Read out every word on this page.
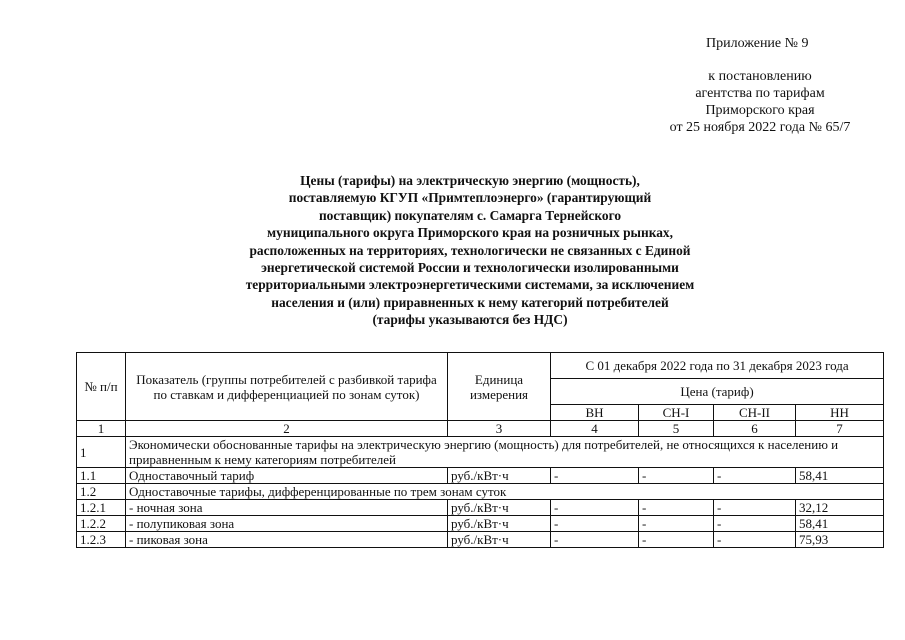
Приложение № 9
к постановлению
агентства по тарифам
Приморского края
от 25 ноября 2022 года № 65/7
Цены (тарифы) на электрическую энергию (мощность),
поставляемую КГУП «Примтеплоэнерго» (гарантирующий
поставщик) покупателям с. Самарга Тернейского
муниципального округа Приморского края на розничных рынках,
расположенных на территориях, технологически не связанных с Единой
энергетической системой России и технологически изолированными
территориальными электроэнергетическими системами, за исключением
населения и (или) приравненных к нему категорий потребителей
(тарифы указываются без НДС)
№ п/п	Показатель (группы потребителей с разбивкой тарифа по ставкам и дифференциацией по зонам суток)	Единица измерения	С 01 декабря 2022 года по 31 декабря 2023 года			
			Цена (тариф)			
			ВН	СН-I	СН-II	НН
1	2	3	4	5	6	7
1	Экономически обоснованные тарифы на электрическую энергию (мощность) для потребителей, не относящихся к населению и приравненным к нему категориям потребителей					
1.1	Одноставочный тариф	руб./кВт·ч	-	-	-	58,41
1.2	Одноставочные тарифы, дифференцированные по трем зонам суток					
1.2.1	- ночная зона	руб./кВт·ч	-	-	-	32,12
1.2.2	- полупиковая зона	руб./кВт·ч	-	-	-	58,41
1.2.3	- пиковая зона	руб./кВт·ч	-	-	-	75,93
